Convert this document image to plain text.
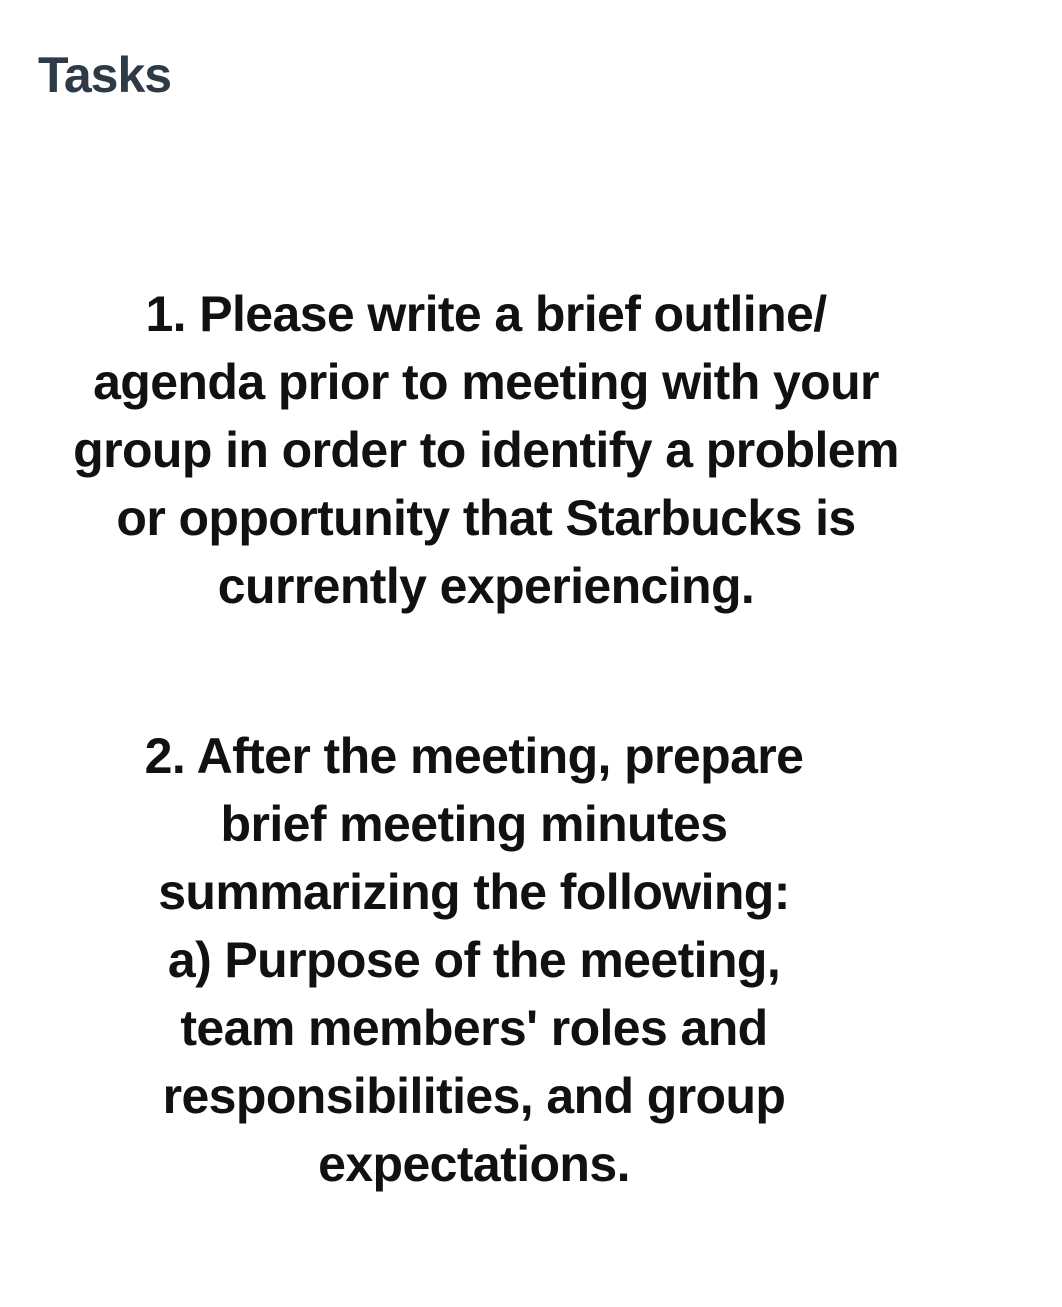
Tasks
1. Please write a brief outline/
agenda prior to meeting with your
group in order to identify a problem
or opportunity that Starbucks is
currently experiencing.
2. After the meeting, prepare
brief meeting minutes
summarizing the following:
a) Purpose of the meeting,
team members' roles and
responsibilities, and group
expectations.
